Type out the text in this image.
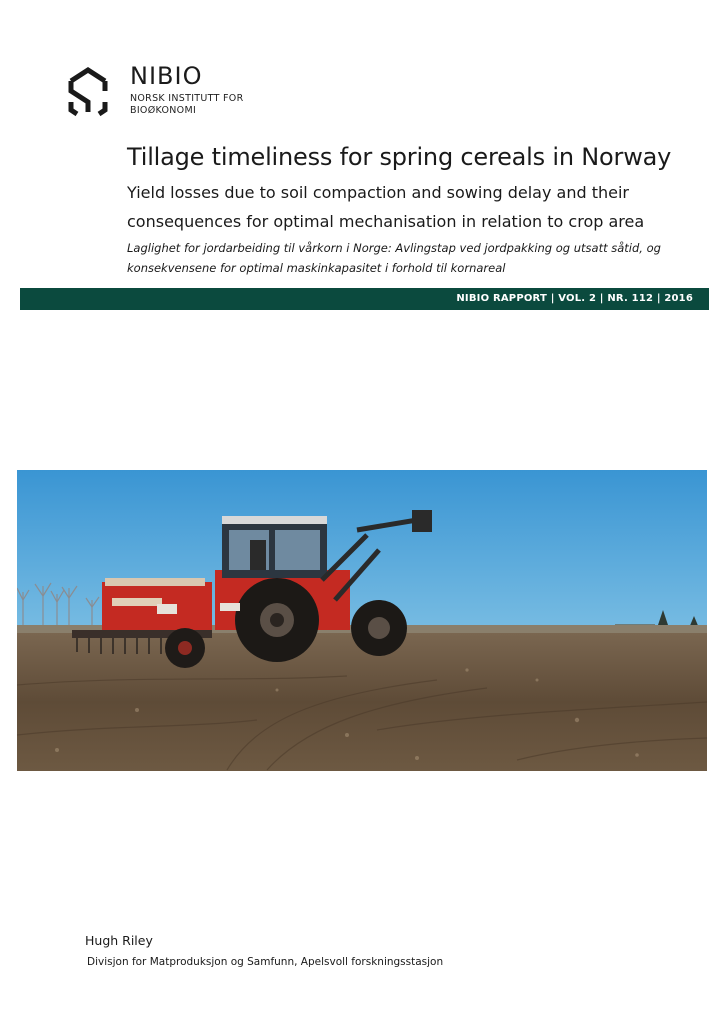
NIBIO
NORSK INSTITUTT FOR
BIOØKONOMI
Tillage timeliness for spring cereals in Norway

Yield losses due to soil compaction and sowing delay and their consequences for optimal mechanisation in relation to crop area

Laglighet for jordarbeiding til vårkorn i Norge: Avlingstap ved jordpakking og utsatt såtid, og konsekvensene for optimal maskinkapasitet i forhold til kornareal

NIBIO RAPPORT | VOL. 2 | NR. 112 | 2016
Hugh Riley
Divisjon for Matproduksjon og Samfunn, Apelsvoll forskningsstasjon
